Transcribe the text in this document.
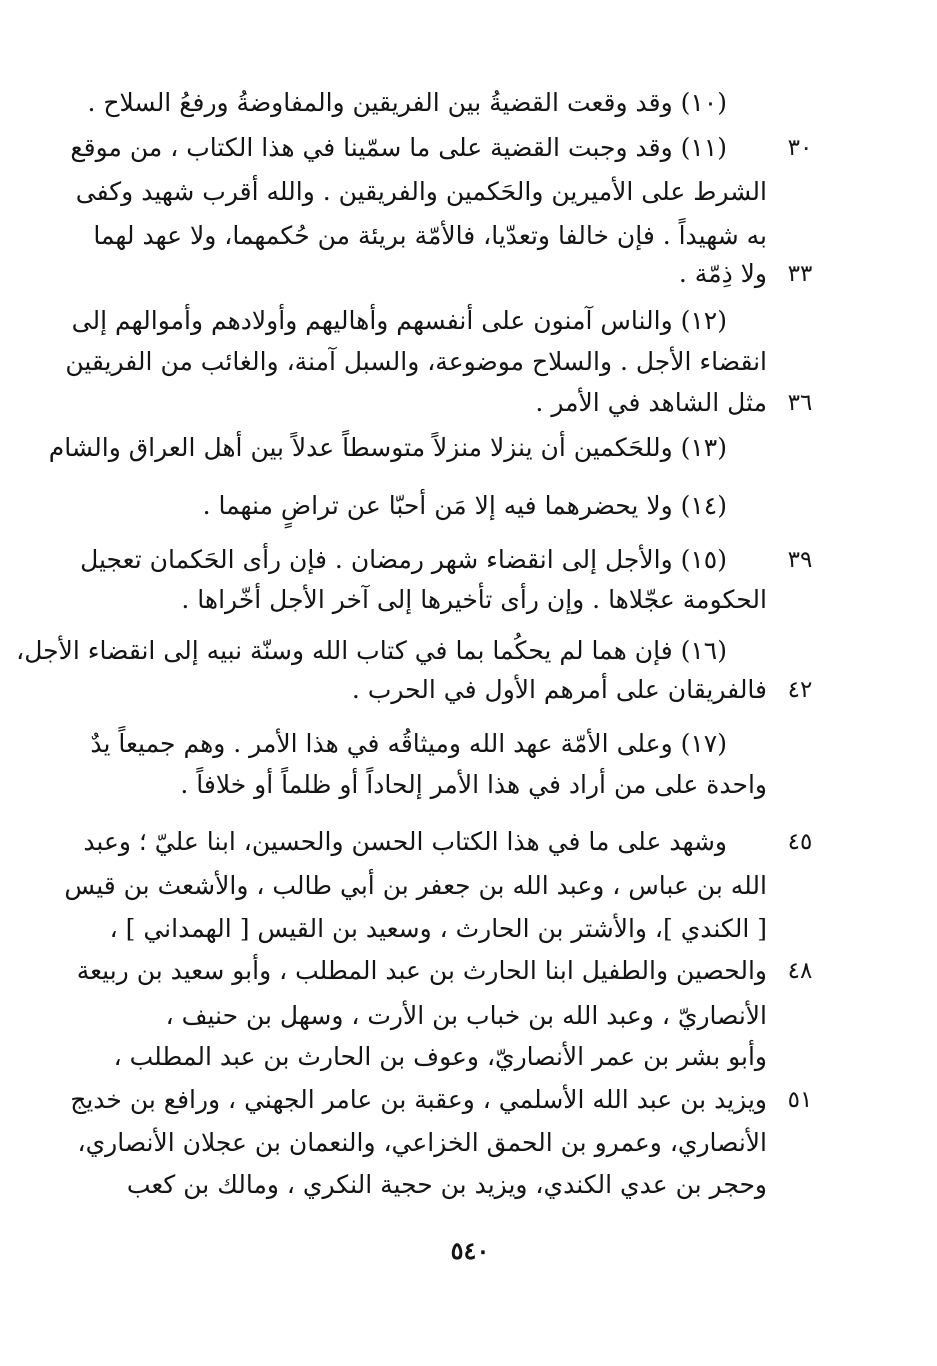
(١٠) وقد وقعت القضيةُ بين الفريقين والمفاوضةُ ورفعُ السلاح .
(١١) وقد وجبت القضية على ما سمّينا في هذا الكتاب ، من موقع
الشرط على الأميرين والحَكمين والفريقين . والله أقرب شهيد وكفى
به شهيداً . فإن خالفا وتعدّيا، فالأمّة بريئة من حُكمهما، ولا عهد لهما
ولا ذِمّة .
(١٢) والناس آمنون على أنفسهم وأهاليهم وأولادهم وأموالهم إلى
انقضاء الأجل . والسلاح موضوعة، والسبل آمنة، والغائب من الفريقين
مثل الشاهد في الأمر .
(١٣) وللحَكمين أن ينزلا منزلاً متوسطاً عدلاً بين أهل العراق والشام
(١٤) ولا يحضرهما فيه إلا مَن أحبّا عن تراضٍ منهما .
(١٥) والأجل إلى انقضاء شهر رمضان . فإن رأى الحَكمان تعجيل
الحكومة عجّلاها . وإن رأى تأخيرها إلى آخر الأجل أخّراها .
(١٦) فإن هما لم يحكُما بما في كتاب الله وسنّة نبيه إلى انقضاء الأجل،
فالفريقان على أمرهم الأول في الحرب .
(١٧) وعلى الأمّة عهد الله وميثاقُه في هذا الأمر . وهم جميعاً يدٌ
واحدة على من أراد في هذا الأمر إلحاداً أو ظلماً أو خلافاً .
وشهد على ما في هذا الكتاب الحسن والحسين، ابنا عليّ ؛ وعبد
الله بن عباس ، وعبد الله بن جعفر بن أبي طالب ، والأشعث بن قيس
[ الكندي ]، والأشتر بن الحارث ، وسعيد بن القيس [ الهمداني ] ،
والحصين والطفيل ابنا الحارث بن عبد المطلب ، وأبو سعيد بن ربيعة
الأنصاريّ ، وعبد الله بن خباب بن الأرت ، وسهل بن حنيف ،
وأبو بشر بن عمر الأنصاريّ، وعوف بن الحارث بن عبد المطلب ،
ويزيد بن عبد الله الأسلمي ، وعقبة بن عامر الجهني ، ورافع بن خديج
الأنصاري، وعمرو بن الحمق الخزاعي، والنعمان بن عجلان الأنصاري،
وحجر بن عدي الكندي، ويزيد بن حجية النكري ، ومالك بن كعب
٣٠
٣٣
٣٦
٣٩
٤٢
٤٥
٤٨
٥١
٥٤٠
